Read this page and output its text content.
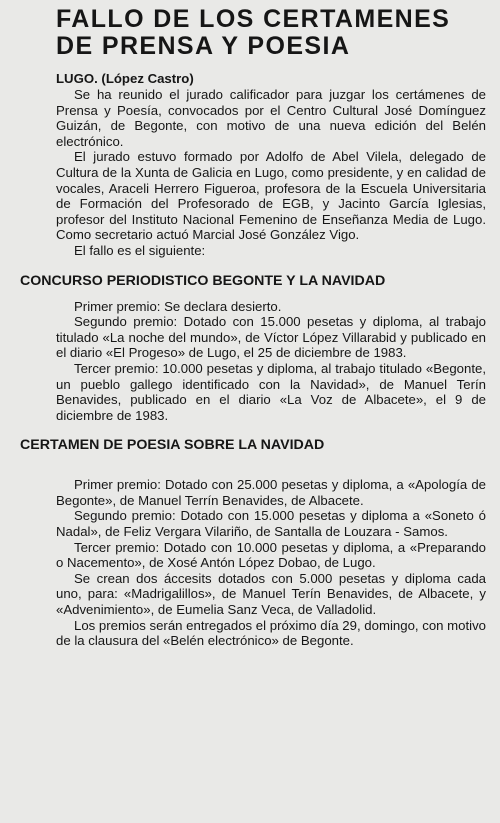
FALLO DE LOS CERTAMENES
DE PRENSA Y POESIA
LUGO. (López Castro)

Se ha reunido el jurado calificador para juzgar los certámenes de Prensa y Poesía, convocados por el Centro Cultural José Domínguez Guizán, de Begonte, con motivo de una nueva edición del Belén electrónico.

El jurado estuvo formado por Adolfo de Abel Vilela, delegado de Cultura de la Xunta de Galicia en Lugo, como presidente, y en calidad de vocales, Araceli Herrero Figueroa, profesora de la Escuela Universitaria de Formación del Profesorado de EGB, y Jacinto García Iglesias, profesor del Instituto Nacional Femenino de Enseñanza Media de Lugo. Como secretario actuó Marcial José González Vigo.

El fallo es el siguiente:

CONCURSO PERIODISTICO BEGONTE Y LA NAVIDAD

Primer premio: Se declara desierto.

Segundo premio: Dotado con 15.000 pesetas y diploma, al trabajo titulado «La noche del mundo», de Víctor López Villarabid y publicado en el diario «El Progeso» de Lugo, el 25 de diciembre de 1983.

Tercer premio: 10.000 pesetas y diploma, al trabajo titulado «Begonte, un pueblo gallego identificado con la Navidad», de Manuel Terín Benavides, publicado en el diario «La Voz de Albacete», el 9 de diciembre de 1983.

CERTAMEN DE POESIA SOBRE LA NAVIDAD

Primer premio: Dotado con 25.000 pesetas y diploma, a «Apología de Begonte», de Manuel Terrín Benavides, de Albacete.

Segundo premio: Dotado con 15.000 pesetas y diploma a «Soneto ó Nadal», de Feliz Vergara Vilariño, de Santalla de Louzara - Samos.

Tercer premio: Dotado con 10.000 pesetas y diploma, a «Preparando o Nacemento», de Xosé Antón López Dobao, de Lugo.

Se crean dos áccesits dotados con 5.000 pesetas y diploma cada uno, para: «Madrigalillos», de Manuel Terín Benavides, de Albacete, y «Advenimiento», de Eumelia Sanz Veca, de Valladolid.

Los premios serán entregados el próximo día 29, domingo, con motivo de la clausura del «Belén electrónico» de Begonte.
